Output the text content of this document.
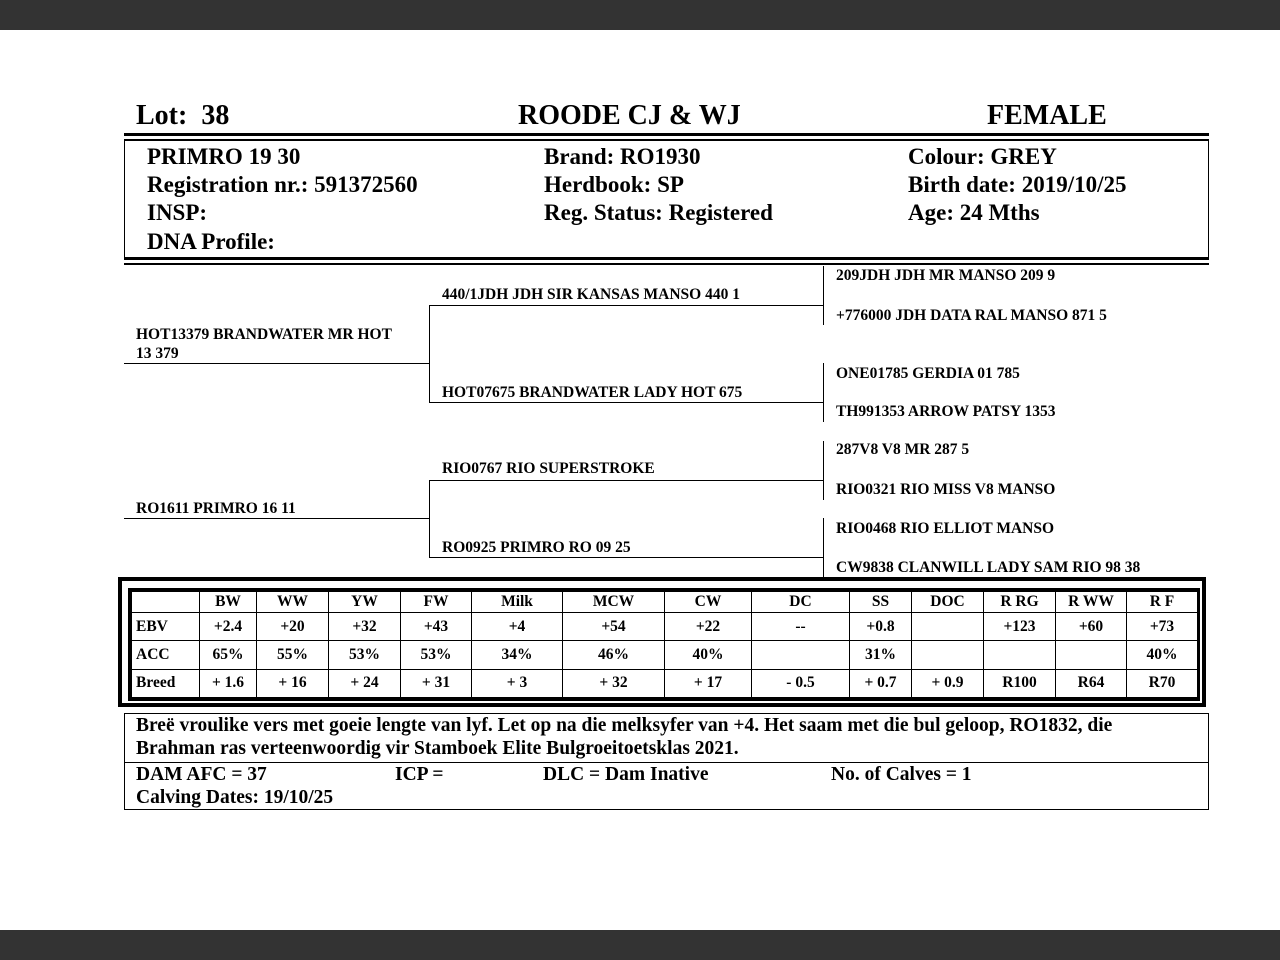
Lot: 38	ROODE CJ & WJ	FEMALE
PRIMRO 19 30
Registration nr.: 591372560
INSP:
DNA Profile:
Brand: RO1930
Herdbook: SP
Reg. Status: Registered
Colour: GREY
Birth date: 2019/10/25
Age: 24 Mths
HOT13379 BRANDWATER MR HOT
13 379
RO1611 PRIMRO 16 11
440/1JDH JDH SIR KANSAS MANSO 440 1
HOT07675 BRANDWATER LADY HOT 675
RIO0767 RIO SUPERSTROKE
RO0925 PRIMRO RO 09 25
209JDH JDH MR MANSO 209 9
+776000 JDH DATA RAL MANSO 871 5
ONE01785 GERDIA 01 785
TH991353 ARROW PATSY 1353
287V8 V8 MR 287 5
RIO0321 RIO MISS V8 MANSO
RIO0468 RIO ELLIOT MANSO
CW9838 CLANWILL LADY SAM RIO 98 38
	BW	WW	YW	FW	Milk	MCW	CW	DC	SS	DOC	R RG	R WW	R F
EBV	+2.4	+20	+32	+43	+4	+54	+22	--	+0.8		+123	+60	+73
ACC	65%	55%	53%	53%	34%	46%	40%		31%				40%
Breed	+ 1.6	+ 16	+ 24	+ 31	+ 3	+ 32	+ 17	- 0.5	+ 0.7	+ 0.9	R100	R64	R70
Breë vroulike vers met goeie lengte van lyf. Let op na die melksyfer van +4. Het saam met die bul geloop, RO1832, die
Brahman ras verteenwoordig vir Stamboek Elite Bulgroeitoetsklas 2021.
DAM AFC = 37	ICP =	DLC = Dam Inative	No. of Calves = 1
Calving Dates: 19/10/25
